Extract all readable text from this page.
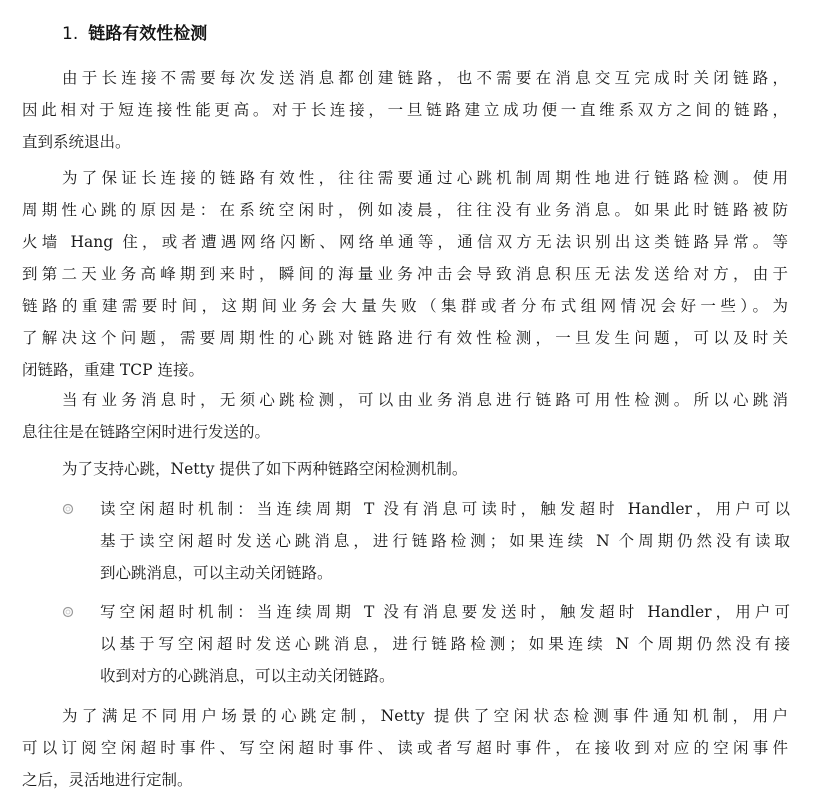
1. 链路有效性检测

由于长连接不需要每次发送消息都创建链路，也不需要在消息交互完成时关闭链路，
因此相对于短连接性能更高。对于长连接，一旦链路建立成功便一直维系双方之间的链路，
直到系统退出。

为了保证长连接的链路有效性，往往需要通过心跳机制周期性地进行链路检测。使用
周期性心跳的原因是：在系统空闲时，例如凌晨，往往没有业务消息。如果此时链路被防
火墙 Hang 住，或者遭遇网络闪断、网络单通等，通信双方无法识别出这类链路异常。等
到第二天业务高峰期到来时，瞬间的海量业务冲击会导致消息积压无法发送给对方，由于
链路的重建需要时间，这期间业务会大量失败（集群或者分布式组网情况会好一些）。为
了解决这个问题，需要周期性的心跳对链路进行有效性检测，一旦发生问题，可以及时关
闭链路，重建 TCP 连接。

当有业务消息时，无须心跳检测，可以由业务消息进行链路可用性检测。所以心跳消
息往往是在链路空闲时进行发送的。

为了支持心跳，Netty 提供了如下两种链路空闲检测机制。

读空闲超时机制：当连续周期 T 没有消息可读时，触发超时 Handler，用户可以
基于读空闲超时发送心跳消息，进行链路检测；如果连续 N 个周期仍然没有读取
到心跳消息，可以主动关闭链路。

写空闲超时机制：当连续周期 T 没有消息要发送时，触发超时 Handler，用户可
以基于写空闲超时发送心跳消息，进行链路检测；如果连续 N 个周期仍然没有接
收到对方的心跳消息，可以主动关闭链路。

为了满足不同用户场景的心跳定制，Netty 提供了空闲状态检测事件通知机制，用户
可以订阅空闲超时事件、写空闲超时事件、读或者写超时事件，在接收到对应的空闲事件
之后，灵活地进行定制。
